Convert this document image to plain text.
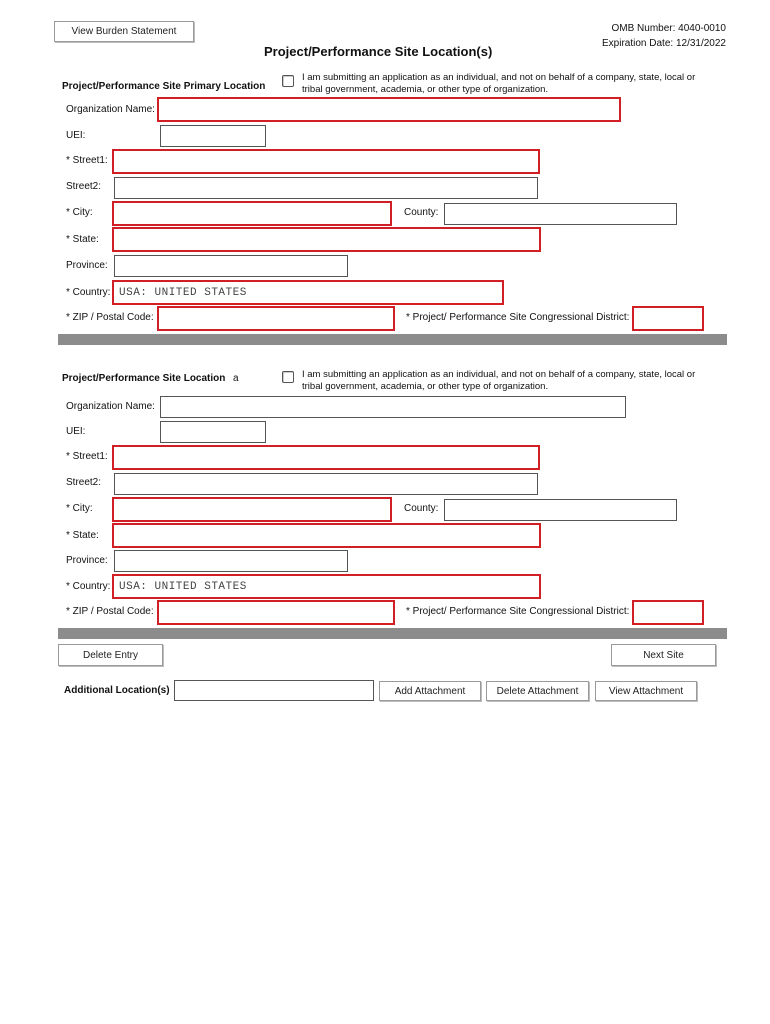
View Burden Statement	OMB Number: 4040-0010
Expiration Date: 12/31/2022
Project/Performance Site Location(s)
Project/Performance Site Primary Location
I am submitting an application as an individual, and not on behalf of a company, state, local or tribal government, academia, or other type of organization.
Organization Name:
UEI:
* Street1:
Street2:
* City:	County:
* State:
Province:
* Country: USA: UNITED STATES
* ZIP / Postal Code:	* Project/ Performance Site Congressional District:
Project/Performance Site Location a	I am submitting an application as an individual, and not on behalf of a company, state, local or tribal government, academia, or other type of organization.
Organization Name:
UEI:
* Street1:
Street2:
* City:	County:
* State:
Province:
* Country: USA: UNITED STATES
* ZIP / Postal Code:	* Project/ Performance Site Congressional District:
Delete Entry	Next Site
Additional Location(s)	Add Attachment	Delete Attachment	View Attachment
